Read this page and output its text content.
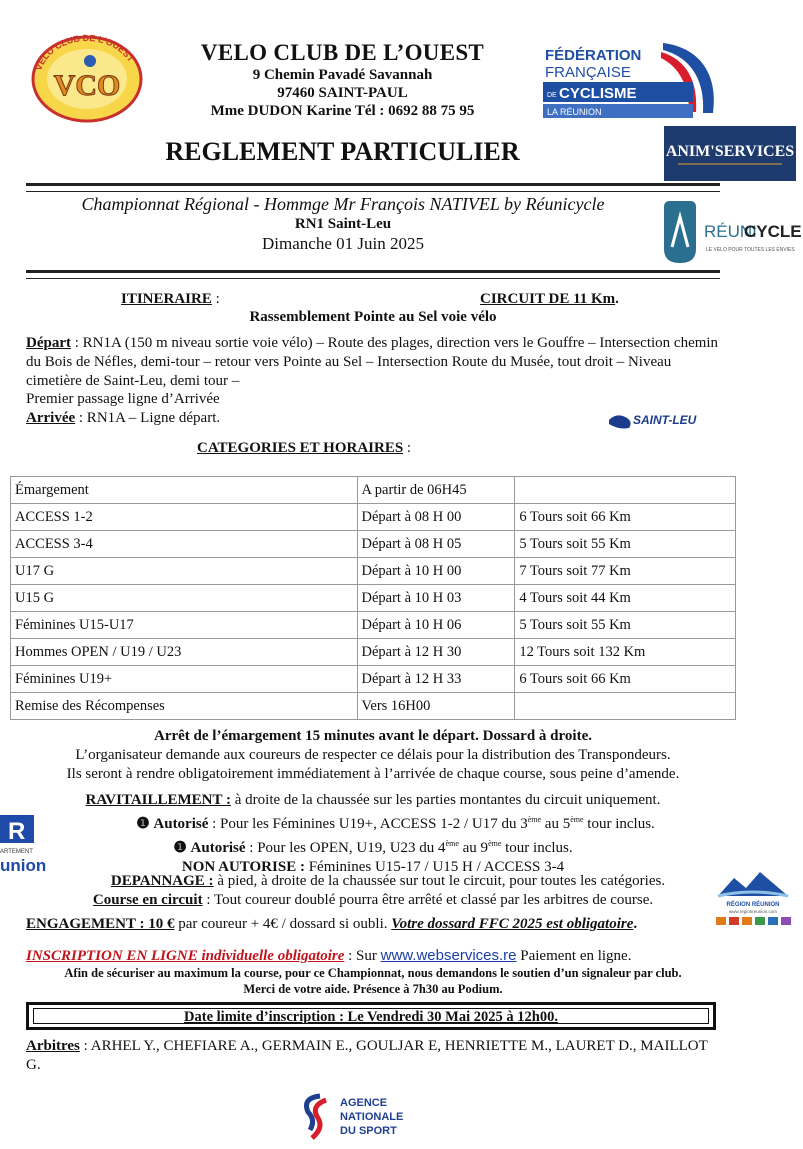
VELO CLUB DE L'OUEST
VCO
FÉDÉRATION
FRANÇAISE
DE CYCLISME
LA RÉUNION
ANIM'SERVICES
RÉUNI
CYCLE
LE VÉLO POUR TOUTES LES ENVIES
SAINT-LEU
R
ARTEMENT
union
RÉGION RÉUNION
www.regionreunion.com
AGENCE
NATIONALE
DU SPORT
VELO CLUB DE L’OUEST
9 Chemin Pavadé Savannah
97460 SAINT-PAUL
Mme DUDON Karine Tél : 0692 88 75 95
REGLEMENT PARTICULIER
Championnat Régional - Hommge Mr François NATIVEL by Réunicycle
RN1 Saint-Leu
Dimanche 01 Juin 2025
ITINERAIRE :	CIRCUIT DE 11 Km.
Rassemblement Pointe au Sel voie vélo
Départ : RN1A (150 m niveau sortie voie vélo) – Route des plages, direction vers le Gouffre – Intersection chemin du Bois de Néfles, demi-tour – retour vers Pointe au Sel – Intersection Route du Musée, tout droit – Niveau cimetière de Saint-Leu, demi tour –
Premier passage ligne d’Arrivée
Arrivée : RN1A – Ligne départ.
CATEGORIES ET HORAIRES :
Émargement	A partir de 06H45	
ACCESS 1-2	Départ à 08 H 00	6 Tours soit 66 Km
ACCESS 3-4	Départ à 08 H 05	5 Tours soit 55 Km
U17 G	Départ à 10 H 00	7 Tours soit 77 Km
U15 G	Départ à 10 H 03	4 Tours soit 44 Km
Féminines U15-U17	Départ à 10 H 06	5 Tours soit 55 Km
Hommes OPEN / U19 / U23	Départ à 12 H 30	12 Tours soit 132 Km
Féminines U19+	Départ à 12 H 33	6 Tours soit 66 Km
Remise des Récompenses	Vers 16H00	
Arrêt de l’émargement 15 minutes avant le départ. Dossard à droite.
L’organisateur demande aux coureurs de respecter ce délais pour la distribution des Transpondeurs.
Ils seront à rendre obligatoirement immédiatement à l’arrivée de chaque course, sous peine d’amende.
RAVITAILLEMENT : à droite de la chaussée sur les parties montantes du circuit uniquement.
❶ Autorisé : Pour les Féminines U19+, ACCESS 1-2 / U17 du 3ème au 5ème tour inclus.
❶ Autorisé : Pour les OPEN, U19, U23 du 4ème au 9ème tour inclus.
NON AUTORISE : Féminines U15-17 / U15 H / ACCESS 3-4
DEPANNAGE : à pied, à droite de la chaussée sur tout le circuit, pour toutes les catégories.
Course en circuit : Tout coureur doublé pourra être arrêté et classé par les arbitres de course.
ENGAGEMENT : 10 € par coureur + 4€ / dossard si oubli. Votre dossard FFC 2025 est obligatoire.
INSCRIPTION EN LIGNE individuelle obligatoire : Sur www.webservices.re Paiement en ligne.
Afin de sécuriser au maximum la course, pour ce Championnat, nous demandons le soutien d’un signaleur par club.
Merci de votre aide. Présence à 7h30 au Podium.
Date limite d’inscription : Le Vendredi 30 Mai 2025 à 12h00.
Arbitres : ARHEL Y., CHEFIARE A., GERMAIN E., GOULJAR E, HENRIETTE M., LAURET D., MAILLOT G.
